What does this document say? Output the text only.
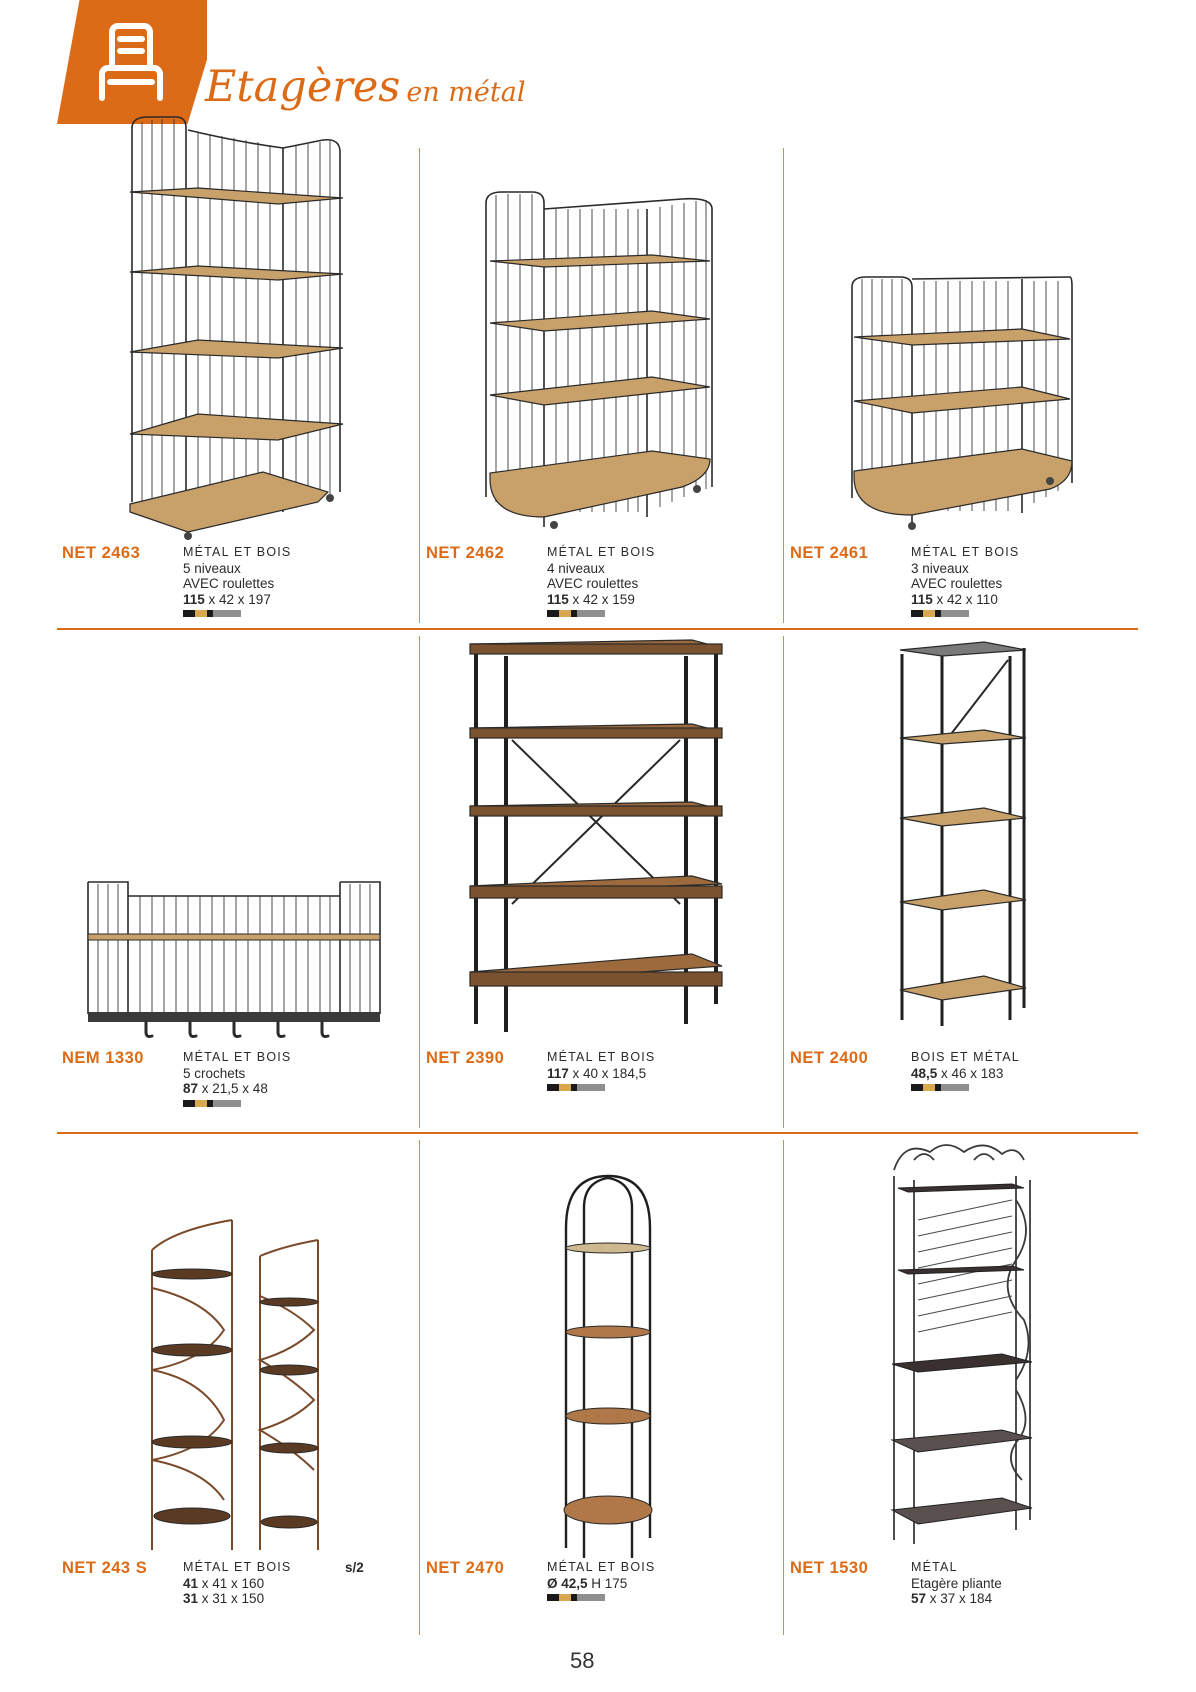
Etagères en métal
NET 2463	MÉTAL ET BOIS
5 niveaux
AVEC roulettes
115 x 42 x 197
NET 2462	MÉTAL ET BOIS
4 niveaux
AVEC roulettes
115 x 42 x 159
NET 2461	MÉTAL ET BOIS
3 niveaux
AVEC roulettes
115 x 42 x 110
NEM 1330	MÉTAL ET BOIS
5 crochets
87 x 21,5 x 48
NET 2390	MÉTAL ET BOIS
117 x 40 x 184,5
NET 2400	BOIS ET MÉTAL
48,5 x 46 x 183
NET 243 S	MÉTAL ET BOIS
41 x 41 x 160
31 x 31 x 150
s/2	NET 2470	MÉTAL ET BOIS
Ø 42,5 H 175
NET 1530	MÉTAL
Etagère pliante
57 x 37 x 184
58
